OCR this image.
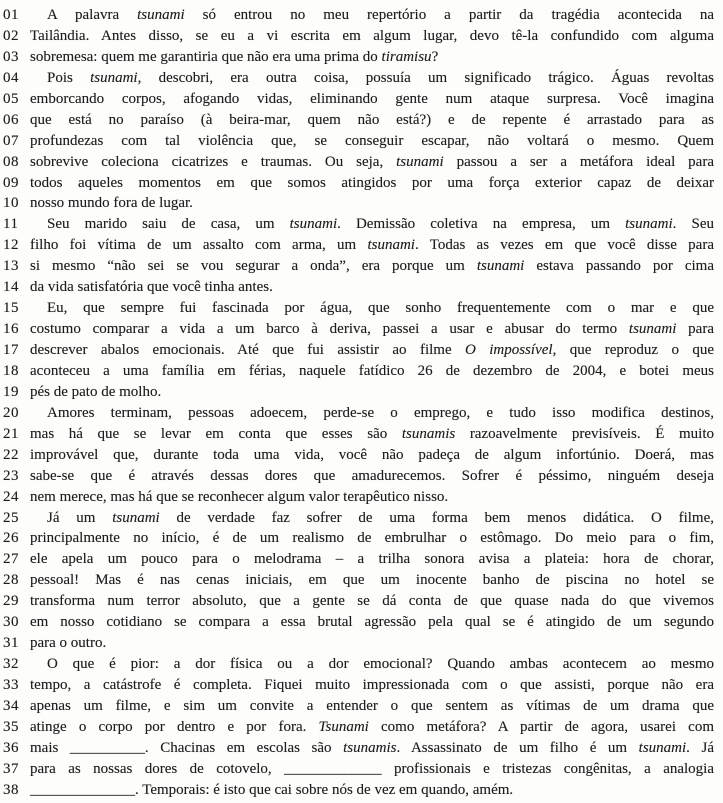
01	A palavra tsunami só entrou no meu repertório a partir da tragédia acontecida na
02 Tailândia. Antes disso, se eu a vi escrita em algum lugar, devo tê-la confundido com alguma
03 sobremesa: quem me garantiria que não era uma prima do tiramisu?
04	Pois tsunami, descobri, era outra coisa, possuía um significado trágico. Águas revoltas
05 emborcando corpos, afogando vidas, eliminando gente num ataque surpresa. Você imagina
06 que está no paraíso (à beira-mar, quem não está?) e de repente é arrastado para as
07 profundezas com tal violência que, se conseguir escapar, não voltará o mesmo. Quem
08 sobrevive coleciona cicatrizes e traumas. Ou seja, tsunami passou a ser a metáfora ideal para
09 todos aqueles momentos em que somos atingidos por uma força exterior capaz de deixar
10 nosso mundo fora de lugar.
11	Seu marido saiu de casa, um tsunami. Demissão coletiva na empresa, um tsunami. Seu
12 filho foi vítima de um assalto com arma, um tsunami. Todas as vezes em que você disse para
13 si mesmo “não sei se vou segurar a onda”, era porque um tsunami estava passando por cima
14 da vida satisfatória que você tinha antes.
15	Eu, que sempre fui fascinada por água, que sonho frequentemente com o mar e que
16 costumo comparar a vida a um barco à deriva, passei a usar e abusar do termo tsunami para
17 descrever abalos emocionais. Até que fui assistir ao filme O impossível, que reproduz o que
18 aconteceu a uma família em férias, naquele fatídico 26 de dezembro de 2004, e botei meus
19 pés de pato de molho.
20	Amores terminam, pessoas adoecem, perde-se o emprego, e tudo isso modifica destinos,
21 mas há que se levar em conta que esses são tsunamis razoavelmente previsíveis. É muito
22 improvável que, durante toda uma vida, você não padeça de algum infortúnio. Doerá, mas
23 sabe-se que é através dessas dores que amadurecemos. Sofrer é péssimo, ninguém deseja
24 nem merece, mas há que se reconhecer algum valor terapêutico nisso.
25	Já um tsunami de verdade faz sofrer de uma forma bem menos didática. O filme,
26 principalmente no início, é de um realismo de embrulhar o estômago. Do meio para o fim,
27 ele apela um pouco para o melodrama – a trilha sonora avisa a plateia: hora de chorar,
28 pessoal! Mas é nas cenas iniciais, em que um inocente banho de piscina no hotel se
29 transforma num terror absoluto, que a gente se dá conta de que quase nada do que vivemos
30 em nosso cotidiano se compara a essa brutal agressão pela qual se é atingido de um segundo
31 para o outro.
32	O que é pior: a dor física ou a dor emocional? Quando ambas acontecem ao mesmo
33 tempo, a catástrofe é completa. Fiquei muito impressionada com o que assisti, porque não era
34 apenas um filme, e sim um convite a entender o que sentem as vítimas de um drama que
35 atinge o corpo por dentro e por fora. Tsunami como metáfora? A partir de agora, usarei com
36 mais __________. Chacinas em escolas são tsunamis. Assassinato de um filho é um tsunami. Já
37 para as nossas dores de cotovelo, _____________ profissionais e tristezas congênitas, a analogia
38 ______________. Temporais: é isto que cai sobre nós de vez em quando, amém.
